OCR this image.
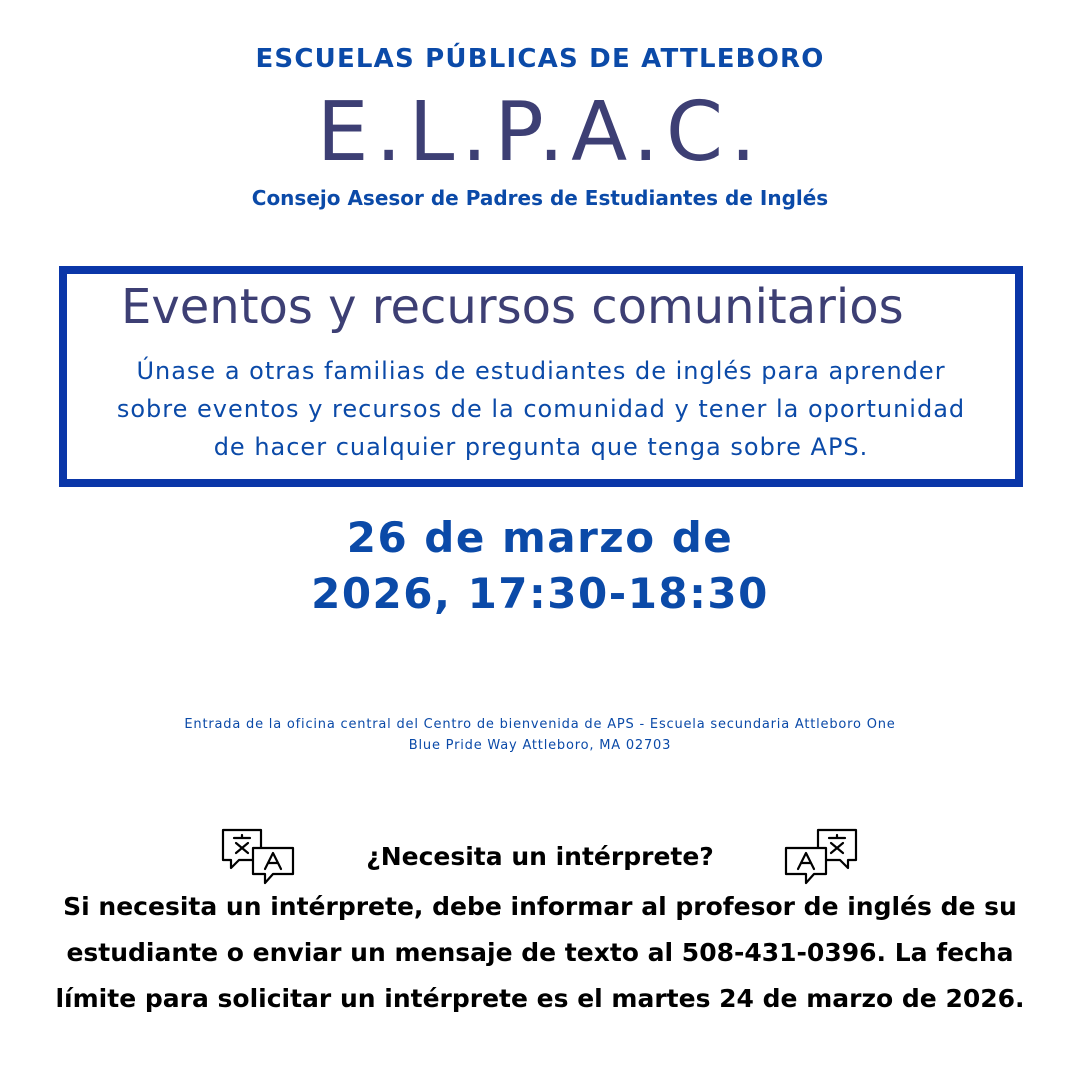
ESCUELAS PÚBLICAS DE ATTLEBORO
E.L.P.A.C.
Consejo Asesor de Padres de Estudiantes de Inglés
Eventos y recursos comunitarios
Únase a otras familias de estudiantes de inglés para aprender
sobre eventos y recursos de la comunidad y tener la oportunidad
de hacer cualquier pregunta que tenga sobre APS.
26 de marzo de
2026, 17:30-18:30
Entrada de la oficina central del Centro de bienvenida de APS - Escuela secundaria Attleboro One
Blue Pride Way Attleboro, MA 02703
¿Necesita un intérprete?
Si necesita un intérprete, debe informar al profesor de inglés de su
estudiante o enviar un mensaje de texto al 508-431-0396. La fecha
límite para solicitar un intérprete es el martes 24 de marzo de 2026.
